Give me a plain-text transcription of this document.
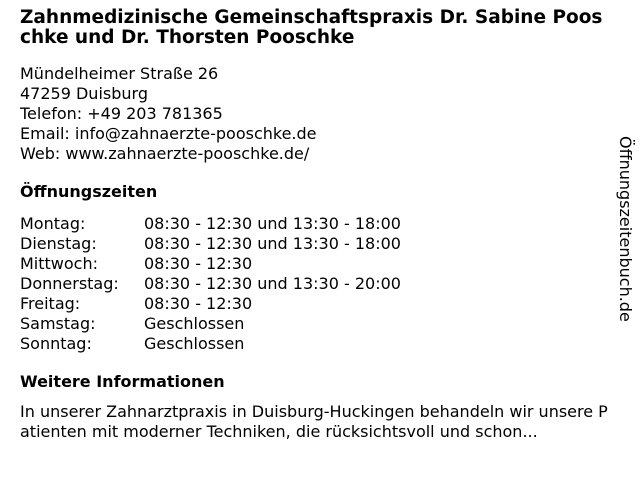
Zahnmedizinische Gemeinschaftspraxis Dr. Sabine Pooschke und Dr. Thorsten Pooschke
Mündelheimer Straße 26
47259 Duisburg
Telefon: +49 203 781365
Email: info@zahnaerzte-pooschke.de
Web: www.zahnaerzte-pooschke.de/
Öffnungszeiten
Montag:	08:30 - 12:30 und 13:30 - 18:00
Dienstag:	08:30 - 12:30 und 13:30 - 18:00
Mittwoch:	08:30 - 12:30
Donnerstag:	08:30 - 12:30 und 13:30 - 20:00
Freitag:	08:30 - 12:30
Samstag:	Geschlossen
Sonntag:	Geschlossen
Weitere Informationen

In unserer Zahnarztpraxis in Duisburg-Huckingen behandeln wir unsere Patienten mit moderner Techniken, die rücksichtsvoll und schon...

Öffnungszeitenbuch.de
